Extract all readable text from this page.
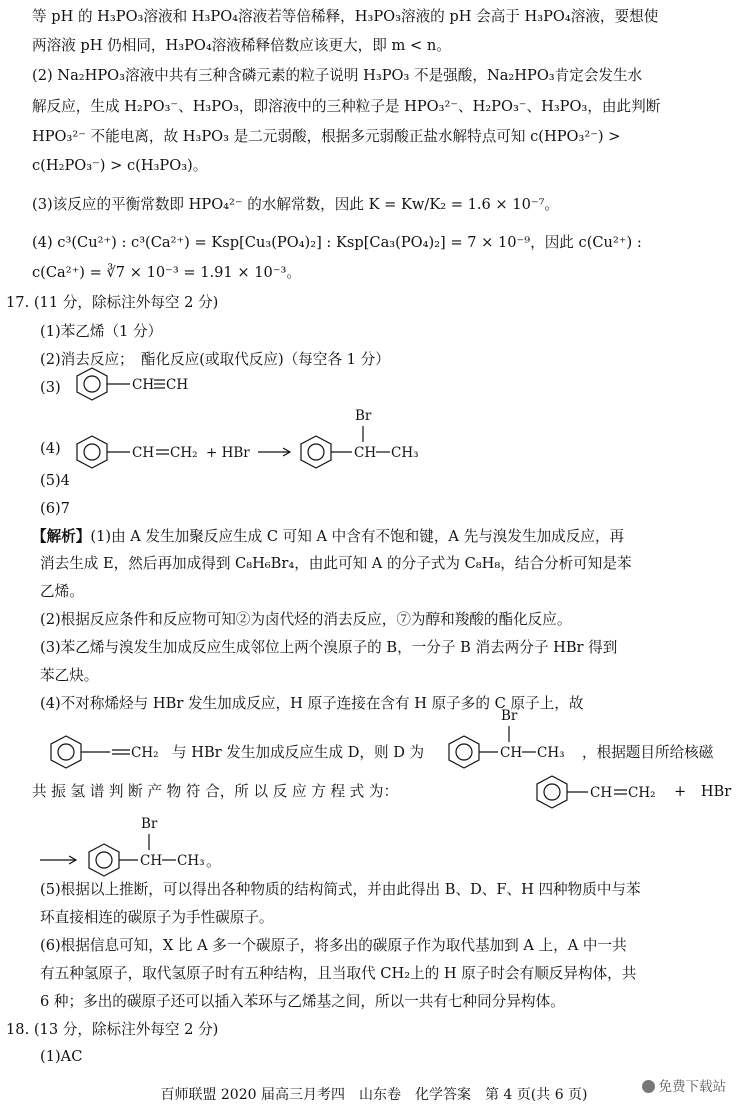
等 pH 的 H₃PO₃溶液和 H₃PO₄溶液若等倍稀释，H₃PO₃溶液的 pH 会高于 H₃PO₄溶液，要想使
两溶液 pH 仍相同，H₃PO₄溶液稀释倍数应该更大，即 m < n。
(2) Na₂HPO₃溶液中共有三种含磷元素的粒子说明 H₃PO₃ 不是强酸，Na₂HPO₃肯定会发生水
解反应，生成 H₂PO₃⁻、H₃PO₃，即溶液中的三种粒子是 HPO₃²⁻、H₂PO₃⁻、H₃PO₃，由此判断
HPO₃²⁻ 不能电离，故 H₃PO₃ 是二元弱酸，根据多元弱酸正盐水解特点可知 c(HPO₃²⁻) >
c(H₂PO₃⁻) > c(H₃PO₃)。
(3)该反应的平衡常数即 HPO₄²⁻ 的水解常数，因此 K = Kw/K₂ = 1.6 × 10⁻⁷。
(4) c³(Cu²⁺) : c³(Ca²⁺) = Ksp[Cu₃(PO₄)₂] : Ksp[Ca₃(PO₄)₂] = 7 × 10⁻⁹，因此 c(Cu²⁺) :
c(Ca²⁺) = ∛7 × 10⁻³ = 1.91 × 10⁻³。
17. (11 分，除标注外每空 2 分)
(1)苯乙烯（1 分）
(2)消去反应；　酯化反应(或取代反应)（每空各 1 分）
(3)	CH CH
(4)	CH CH₂ + HBr	CH
Br
CH₃
(5)4
(6)7
【解析】(1)由 A 发生加聚反应生成 C 可知 A 中含有不饱和键，A 先与溴发生加成反应，再
消去生成 E，然后再加成得到 C₈H₆Br₄，由此可知 A 的分子式为 C₈H₈，结合分析可知是苯
乙烯。
(2)根据反应条件和反应物可知②为卤代烃的消去反应，⑦为醇和羧酸的酯化反应。
(3)苯乙烯与溴发生加成反应生成邻位上两个溴原子的 B，一分子 B 消去两分子 HBr 得到
苯乙炔。
(4)不对称烯烃与 HBr 发生加成反应，H 原子连接在含有 H 原子多的 C 原子上，故
CH₂ 与 HBr 发生加成反应生成 D，则 D 为	CH
Br
CH₃ ，根据题目所给核磁
共 振 氢 谱 判 断 产 物 符 合，所 以 反 应 方 程 式 为：	CH CH₂ +　HBr
CH
Br
CH₃ 。
(5)根据以上推断，可以得出各种物质的结构简式，并由此得出 B、D、F、H 四种物质中与苯
环直接相连的碳原子为手性碳原子。
(6)根据信息可知，X 比 A 多一个碳原子，将多出的碳原子作为取代基加到 A 上，A 中一共
有五种氢原子，取代氢原子时有五种结构，且当取代 CH₂上的 H 原子时会有顺反异构体，共
6 种；多出的碳原子还可以插入苯环与乙烯基之间，所以一共有七种同分异构体。
18. (13 分，除标注外每空 2 分)
(1)AC
百师联盟 2020 届高三月考四　山东卷　化学答案　第 4 页(共 6 页)	免费下载站
